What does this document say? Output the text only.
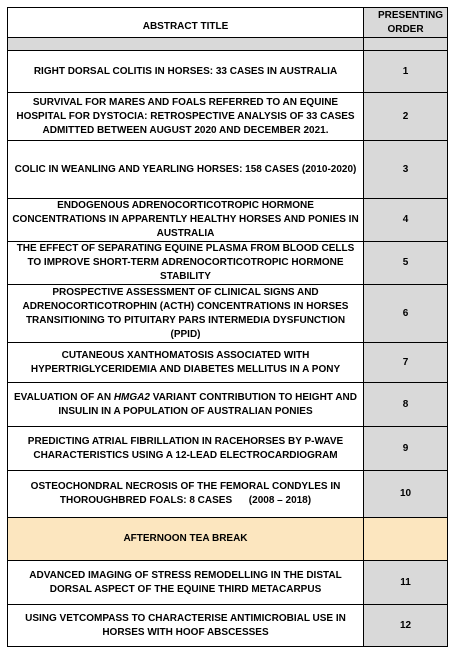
ABSTRACT TITLE	PRESENTING ORDER

RIGHT DORSAL COLITIS IN HORSES: 33 CASES IN AUSTRALIA	1
SURVIVAL FOR MARES AND FOALS REFERRED TO AN EQUINE HOSPITAL FOR DYSTOCIA: RETROSPECTIVE ANALYSIS OF 33 CASES ADMITTED BETWEEN AUGUST 2020 AND DECEMBER 2021.	2
COLIC IN WEANLING AND YEARLING HORSES: 158 CASES (2010-2020)	3
ENDOGENOUS ADRENOCORTICOTROPIC HORMONE CONCENTRATIONS IN APPARENTLY HEALTHY HORSES AND PONIES IN AUSTRALIA	4
THE EFFECT OF SEPARATING EQUINE PLASMA FROM BLOOD CELLS TO IMPROVE SHORT-TERM ADRENOCORTICOTROPIC HORMONE STABILITY	5
PROSPECTIVE ASSESSMENT OF CLINICAL SIGNS AND ADRENOCORTICOTROPHIN (ACTH) CONCENTRATIONS IN HORSES TRANSITIONING TO PITUITARY PARS INTERMEDIA DYSFUNCTION (PPID)	6
CUTANEOUS XANTHOMATOSIS ASSOCIATED WITH HYPERTRIGLYCERIDEMIA AND DIABETES MELLITUS IN A PONY	7
EVALUATION OF AN HMGA2 VARIANT CONTRIBUTION TO HEIGHT AND INSULIN IN A POPULATION OF AUSTRALIAN PONIES	8
PREDICTING ATRIAL FIBRILLATION IN RACEHORSES BY P-WAVE CHARACTERISTICS USING A 12-LEAD ELECTROCARDIOGRAM	9
OSTEOCHONDRAL NECROSIS OF THE FEMORAL CONDYLES IN THOROUGHBRED FOALS: 8 CASES      (2008 – 2018)	10
AFTERNOON TEA BREAK	
ADVANCED IMAGING OF STRESS REMODELLING IN THE DISTAL DORSAL ASPECT OF THE EQUINE THIRD METACARPUS	11
USING VETCOMPASS TO CHARACTERISE ANTIMICROBIAL USE IN HORSES WITH HOOF ABSCESSES	12
